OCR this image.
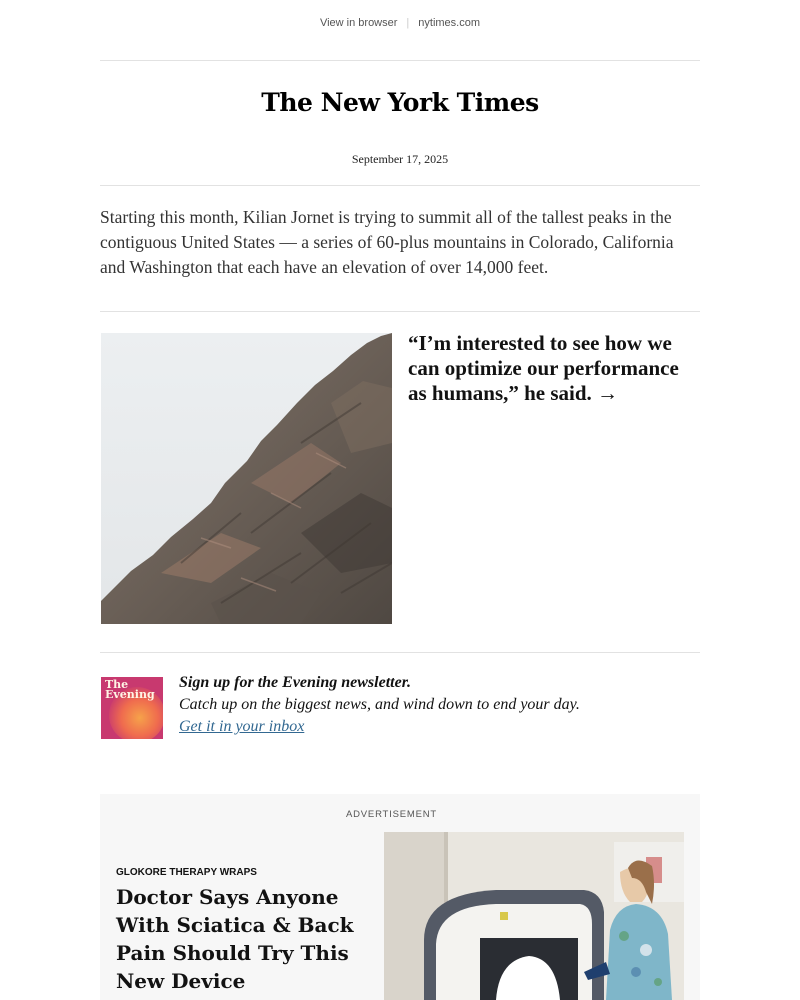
View in browser | nytimes.com
The New York Times
September 17, 2025
Starting this month, Kilian Jornet is trying to summit all of the tallest peaks in the contiguous United States — a series of 60-plus mountains in Colorado, California and Washington that each have an elevation of over 14,000 feet.
“I’m interested to see how we can optimize our performance as humans,” he said. →
The
Evening
Sign up for the Evening newsletter.
Catch up on the biggest news, and wind down to end your day.
Get it in your inbox
ADVERTISEMENT
GLOKORE THERAPY WRAPS
Doctor Says Anyone With Sciatica & Back Pain Should Try This New Device
